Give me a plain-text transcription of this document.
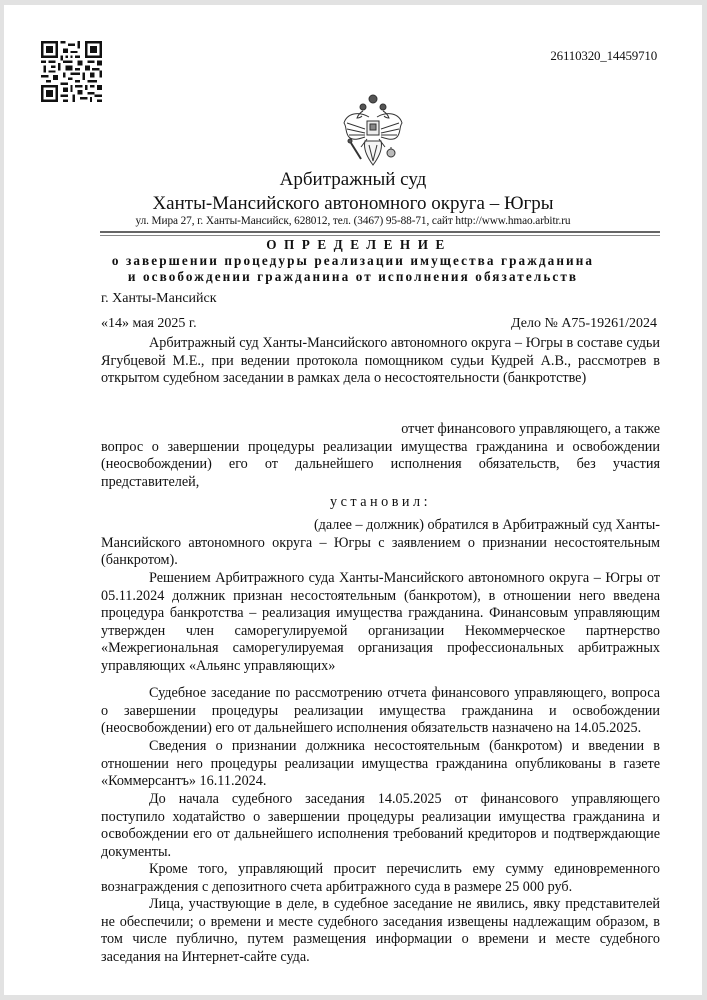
26110320_14459710
Арбитражный суд
Ханты-Мансийского автономного округа – Югры
ул. Мира 27, г. Ханты-Мансийск, 628012, тел. (3467) 95-88-71, сайт http://www.hmao.arbitr.ru
ОПРЕДЕЛЕНИЕ
о завершении процедуры реализации имущества гражданина
и освобождении гражданина от исполнения обязательств
г. Ханты-Мансийск
«14» мая 2025 г.	Дело № А75-19261/2024

Арбитражный суд Ханты-Мансийского автономного округа – Югры в составе судьи Ягубцевой М.Е., при ведении протокола помощником судьи Кудрей А.В., рассмотрев в открытом судебном заседании в рамках дела о несостоятельности (банкротстве)

отчет финансового управляющего, а также

вопрос о завершении процедуры реализации имущества гражданина и освобождении (неосвобождении) его от дальнейшего исполнения обязательств, без участия представителей,

установил:

(далее – должник) обратился в Арбитражный суд Ханты-

Мансийского автономного округа – Югры с заявлением о признании несостоятельным (банкротом).

Решением Арбитражного суда Ханты-Мансийского автономного округа – Югры от 05.11.2024 должник признан несостоятельным (банкротом), в отношении него введена процедура банкротства – реализация имущества гражданина. Финансовым управляющим утвержден член саморегулируемой организации Некоммерческое партнерство «Межрегиональная саморегулируемая организация профессиональных арбитражных управляющих «Альянс управляющих»

Судебное заседание по рассмотрению отчета финансового управляющего, вопроса о завершении процедуры реализации имущества гражданина и освобождении (неосвобождении) его от дальнейшего исполнения обязательств назначено на 14.05.2025.

Сведения о признании должника несостоятельным (банкротом) и введении в отношении него процедуры реализации имущества гражданина опубликованы в газете «Коммерсантъ» 16.11.2024.

До начала судебного заседания 14.05.2025 от финансового управляющего поступило ходатайство о завершении процедуры реализации имущества гражданина и освобождении его от дальнейшего исполнения требований кредиторов и подтверждающие документы.

Кроме того, управляющий просит перечислить ему сумму единовременного вознаграждения с депозитного счета арбитражного суда в размере 25 000 руб.

Лица, участвующие в деле, в судебное заседание не явились, явку представителей не обеспечили; о времени и месте судебного заседания извещены надлежащим образом, в том числе публично, путем размещения информации о времени и месте судебного заседания на Интернет-сайте суда.
